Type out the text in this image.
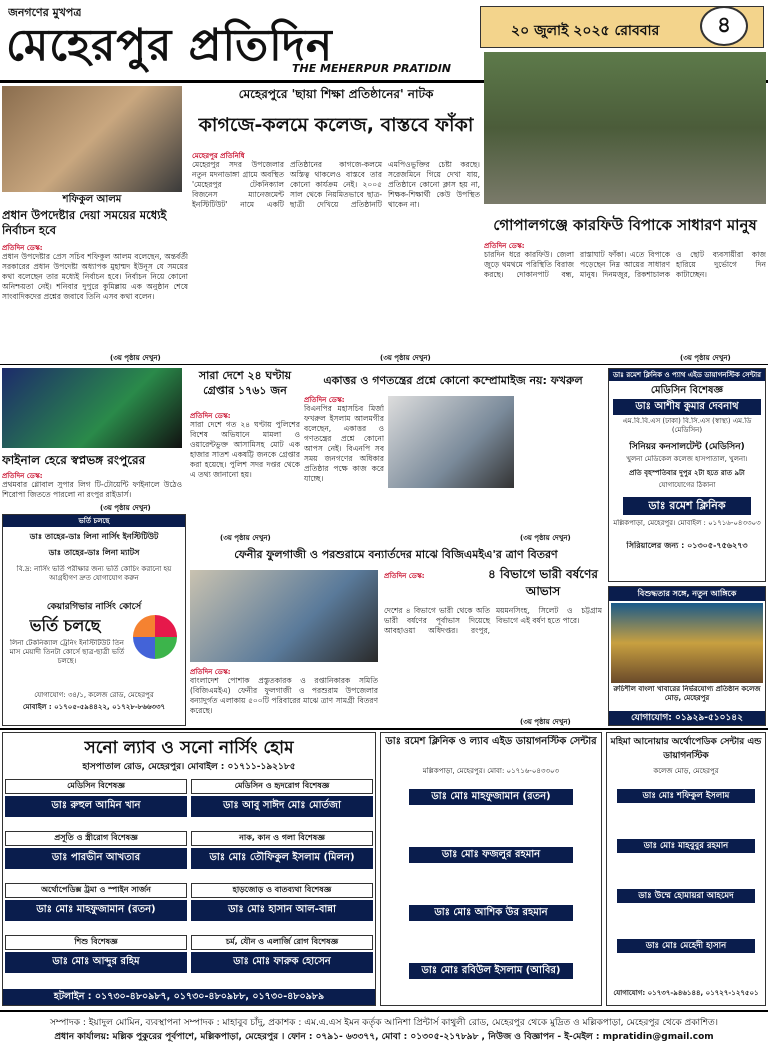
জনগণের মুখপত্র
মেহেরপুর প্রতিদিন
THE MEHERPUR PRATIDIN
২০ জুলাই ২০২৫ রোববার	৪
শফিকুল আলম
প্রধান উপদেষ্টার দেয়া সময়ের মধ্যেই নির্বাচন হবে
প্রতিদিন ডেস্ক:
প্রধান উপদেষ্টার প্রেস সচিব শফিকুল আলম বলেছেন, অন্তর্বর্তী সরকারের প্রধান উপদেষ্টা অধ্যাপক মুহাম্মদ ইউনূস যে সময়ের কথা বলেছেন তার মধ্যেই নির্বাচন হবে। নির্বাচন নিয়ে কোনো অনিশ্চয়তা নেই। শনিবার দুপুরে কুমিল্লায় এক অনুষ্ঠান শেষে সাংবাদিকদের প্রশ্নের জবাবে তিনি এসব কথা বলেন।
(৩য় পৃষ্ঠায় দেখুন)
মেহেরপুরে 'ছায়া শিক্ষা প্রতিষ্ঠানের' নাটক
কাগজে-কলমে কলেজ, বাস্তবে ফাঁকা
মেহেরপুর প্রতিনিধি
মেহেরপুর সদর উপজেলার নতুন মদনাডাঙ্গা গ্রামে অবস্থিত 'মেহেরপুর টেকনিক্যাল বিজনেস ম্যানেজমেন্ট ইনস্টিটিউট' নামে একটি প্রতিষ্ঠানের কাগজে-কলমে অস্তিত্ব থাকলেও বাস্তবে তার কোনো কার্যক্রম নেই। ২০০৫ সাল থেকে নিয়মিতভাবে ছাত্র-ছাত্রী দেখিয়ে প্রতিষ্ঠানটি এমপিওভুক্তির চেষ্টা করছে। সরেজমিনে গিয়ে দেখা যায়, প্রতিষ্ঠানে কোনো ক্লাস হয় না, শিক্ষক-শিক্ষার্থী কেউ উপস্থিত থাকেন না।
(৩য় পৃষ্ঠায় দেখুন)
গোপালগঞ্জে কারফিউ বিপাকে সাধারণ মানুষ
প্রতিদিন ডেস্ক:
চারদিন ধরে কারফিউ। জেলা জুড়ে থমথমে পরিস্থিতি বিরাজ করছে। দোকানপাট বন্ধ, রাস্তাঘাট ফাঁকা। এতে বিপাকে পড়েছেন নিম্ন আয়ের সাধারণ মানুষ। দিনমজুর, রিকশাচালক ও ছোট ব্যবসায়ীরা কাজ হারিয়ে দুর্ভোগে দিন কাটাচ্ছেন।
(৩য় পৃষ্ঠায় দেখুন)
ফাইনাল হেরে স্বপ্নভঙ্গ রংপুরের
প্রতিদিন ডেস্ক:
প্রথমবার গ্লোবাল সুপার লিগ টি-টোয়েন্টি ফাইনালে উঠেও শিরোপা জিততে পারলো না রংপুর রাইডার্স।
(৩য় পৃষ্ঠায় দেখুন)
সারা দেশে ২৪ ঘণ্টায় গ্রেপ্তার ১৭৬১ জন
প্রতিদিন ডেস্ক:
সারা দেশে গত ২৪ ঘণ্টায় পুলিশের বিশেষ অভিযানে মামলা ও ওয়ারেন্টভুক্ত আসামিসহ মোট এক হাজার সাতশ একষট্টি জনকে গ্রেপ্তার করা হয়েছে। পুলিশ সদর দপ্তর থেকে এ তথ্য জানানো হয়।
(৩য় পৃষ্ঠায় দেখুন)
একাত্তর ও গণতন্ত্রের প্রশ্নে কোনো কম্প্রোমাইজ নয়: ফখরুল
প্রতিদিন ডেস্ক:
বিএনপির মহাসচিব মির্জা ফখরুল ইসলাম আলমগীর বলেছেন, একাত্তর ও গণতন্ত্রের প্রশ্নে কোনো আপস নেই। বিএনপি সব সময় জনগণের অধিকার প্রতিষ্ঠার পক্ষে কাজ করে যাচ্ছে।
(৩য় পৃষ্ঠায় দেখুন)
ডাঃ রমেশ ক্লিনিক ও প্যাথ এইড ডায়াগনস্টিক সেন্টার
মেডিসিন বিশেষজ্ঞ
ডাঃ আশীষ কুমার দেবনাথ
এম.বি.বি.এস (ঢাকা) বি.সি.এস (স্বাস্থ্য) এম.ডি (মেডিসিন)
সিনিয়র কনসালটেন্ট (মেডিসিন)
খুলনা মেডিকেল কলেজ হাসপাতাল, খুলনা।
প্রতি বৃহস্পতিবার দুপুর ২টা হতে রাত ৯টা
যোগাযোগের ঠিকানা
ডাঃ রমেশ ক্লিনিক
মল্লিকপাড়া, মেহেরপুর। মোবাইল : ০১৭১৬-০৪৩৩০৩
সিরিয়ালের জন্য : ০১৩০৫-৭৫৬২৭৩
ভর্তি চলছে
ডাঃ তাহের-ডাঃ লিনা নার্সিং ইনস্টিটিউট
ডাঃ তাহের-ডাঃ লিনা ম্যাটস
বি.দ্র: নার্সিং ভর্তি পরীক্ষার জন্য ভর্তি কোচিং করানো হয় আগ্রহীগণ দ্রুত যোগাযোগ করুন
কেয়ারগিভার নার্সিং কোর্সে
ভর্তি চলছে
লিনা টেকনিক্যাল ট্রেনিং ইনস্টিটিউট তিন মাস মেয়াদী তিনটা কোর্সে ছাত্র-ছাত্রী ভর্তি চলছে।
যোগাযোগ: ৩৪/১, কলেজ রোড, মেহেরপুর
মোবাইল : ০১৭০৫-৫৯৪৪২২, ০১৭২৮-৮৬৬৩৩৭
ফেনীর ফুলগাজী ও পরশুরামে বন্যার্তদের মাঝে বিজিএমইএ'র ত্রাণ বিতরণ
প্রতিদিন ডেস্ক:
বাংলাদেশ পোশাক প্রস্তুতকারক ও রপ্তানিকারক সমিতি (বিজিএমইএ) ফেনীর ফুলগাজী ও পরশুরাম উপজেলার বন্যাদুর্গত এলাকায় ৫০০টি পরিবারের মাঝে ত্রাণ সামগ্রী বিতরণ করেছে।
৪ বিভাগে ভারী বর্ষণের আভাস
প্রতিদিন ডেস্ক:
দেশের ৪ বিভাগে ভারী থেকে অতি ভারী বর্ষণের পূর্বাভাস দিয়েছে আবহাওয়া অধিদপ্তর। রংপুর, ময়মনসিংহ, সিলেট ও চট্টগ্রাম বিভাগে এই বর্ষণ হতে পারে।
(৩য় পৃষ্ঠায় দেখুন)
বিশুদ্ধতার সঙ্গে, নতুন আঙ্গিকে
রুচিশীল বাংলা খাবারের নির্ভরযোগ্য প্রতিষ্ঠান কলেজ মোড়, মেহেরপুর
যোগাযোগ: ০১৯২৯-৫১০১৪২
সনো ল্যাব ও সনো নার্সিং হোম
হাসপাতাল রোড, মেহেরপুর। মোবাইল : ০১৭১১-১৯২১৮৫
মেডিসিন বিশেষজ্ঞ
ডাঃ রুহুল আমিন খান
মেডিসিন ও হৃদরোগ বিশেষজ্ঞ
ডাঃ আবু সাঈদ মোঃ মোর্তজা
প্রসূতি ও স্ত্রীরোগ বিশেষজ্ঞ
ডাঃ পারভীন আখতার
নাক, কান ও গলা বিশেষজ্ঞ
ডাঃ মোঃ তৌফিকুল ইসলাম (মিলন)
অর্থোপেডিক্স ট্রমা ও স্পাইন সার্জন
ডাঃ মোঃ মাহফুজামান (রতন)
হাড়জোড় ও বাতব্যথা বিশেষজ্ঞ
ডাঃ মোঃ হাসান আল-বান্না
শিশু বিশেষজ্ঞ
ডাঃ মোঃ আব্দুর রহিম
চর্ম, যৌন ও এলার্জি রোগ বিশেষজ্ঞ
ডাঃ মোঃ ফারুক হোসেন
হটলাইন : ০১৭৩০-৪৮০৯৮৭, ০১৭৩০-৪৮০৯৮৮, ০১৭৩০-৪৮০৯৮৯
ডাঃ রমেশ ক্লিনিক ও ল্যাব এইড ডায়াগনস্টিক সেন্টার
মল্লিকপাড়া, মেহেরপুর। মোবা: ০১৭১৬-০৪৩৩০৩
ডাঃ মোঃ মাহফুজামান (রতন)
ডাঃ মোঃ ফজলুর রহমান
ডাঃ মোঃ আশিক উর রহমান
ডাঃ মোঃ রবিউল ইসলাম (আবির)
মহিমা আনোয়ার অর্থোপেডিক সেন্টার এন্ড ডায়াগনস্টিক
কলেজ মোড়, মেহেরপুর
ডাঃ মোঃ শফিকুল ইসলাম
ডাঃ মোঃ মাহবুবুর রহমান
ডাঃ উম্মে হোমায়রা আহমেদ
ডাঃ মোঃ মেহেদী হাসান
যোগাযোগ: ০১৭৩৭-৯৪৬১৪৪, ০১৭২৭-১২৭৫০১
সম্পাদক : ইয়াদুল মোমিন, ব্যবস্থাপনা সম্পাদক : মাহাবুব চাঁদু, প্রকাশক : এম.এ.এস ইমন কর্তৃক আনিশা প্রিন্টার্স কাথুলী রোড, মেহেরপুর থেকে মুদ্রিত ও মল্লিকপাড়া, মেহেরপুর থেকে প্রকাশিত।
প্রধান কার্যালয়: মল্লিক পুকুরের পূর্বপাশে, মল্লিকপাড়া, মেহেরপুর । ফোন : ০৭৯১- ৬৩৩৭৭, মোবা : ০১৩০৫-২১৭৮৯৮ , নিউজ ও বিজ্ঞাপন - ই-মেইল : mpratidin@gmail.com
